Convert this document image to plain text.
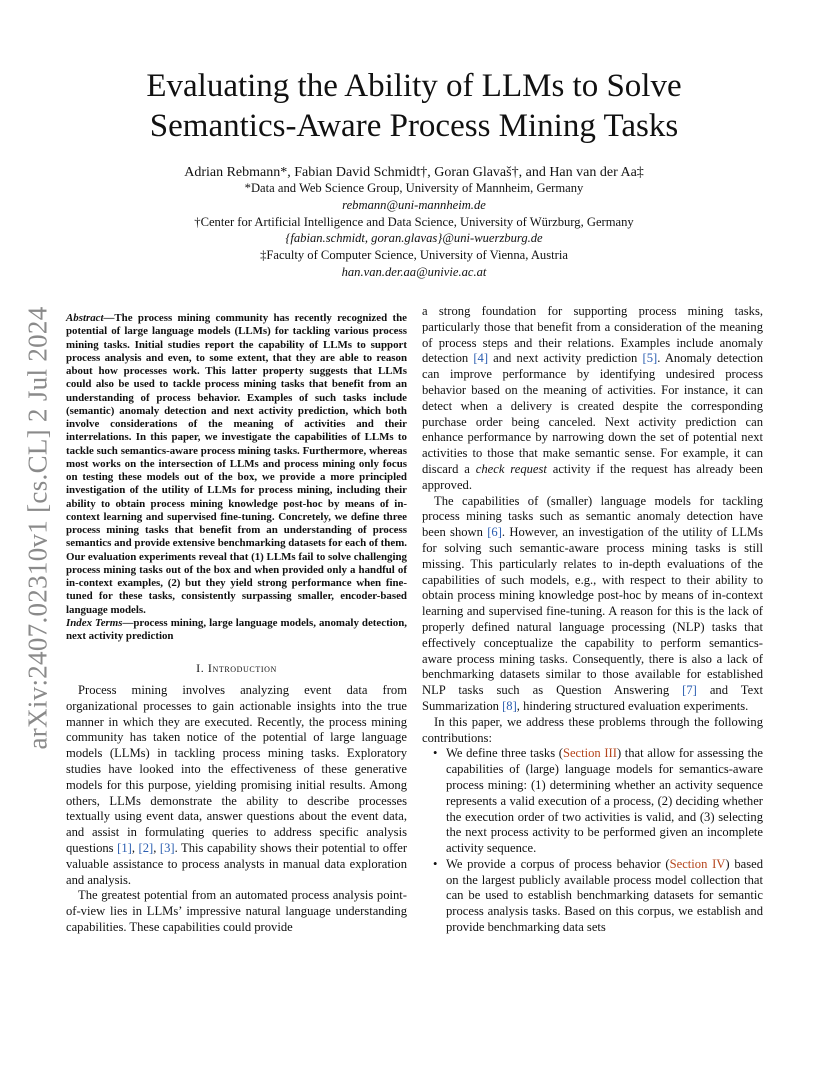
arXiv:2407.02310v1 [cs.CL] 2 Jul 2024
Evaluating the Ability of LLMs to Solve
Semantics-Aware Process Mining Tasks
Adrian Rebmann*, Fabian David Schmidt†, Goran Glavaš†, and Han van der Aa‡
*Data and Web Science Group, University of Mannheim, Germany
rebmann@uni-mannheim.de
†Center for Artificial Intelligence and Data Science, University of Würzburg, Germany
{fabian.schmidt, goran.glavas}@uni-wuerzburg.de
‡Faculty of Computer Science, University of Vienna, Austria
han.van.der.aa@univie.ac.at
Abstract—The process mining community has recently recognized the potential of large language models (LLMs) for tackling various process mining tasks. Initial studies report the capability of LLMs to support process analysis and even, to some extent, that they are able to reason about how processes work. This latter property suggests that LLMs could also be used to tackle process mining tasks that benefit from an understanding of process behavior. Examples of such tasks include (semantic) anomaly detection and next activity prediction, which both involve considerations of the meaning of activities and their interrelations. In this paper, we investigate the capabilities of LLMs to tackle such semantics-aware process mining tasks. Furthermore, whereas most works on the intersection of LLMs and process mining only focus on testing these models out of the box, we provide a more principled investigation of the utility of LLMs for process mining, including their ability to obtain process mining knowledge post-hoc by means of in-context learning and supervised fine-tuning. Concretely, we define three process mining tasks that benefit from an understanding of process semantics and provide extensive benchmarking datasets for each of them. Our evaluation experiments reveal that (1) LLMs fail to solve challenging process mining tasks out of the box and when provided only a handful of in-context examples, (2) but they yield strong performance when fine-tuned for these tasks, consistently surpassing smaller, encoder-based language models.
Index Terms—process mining, large language models, anomaly detection, next activity prediction
I. Introduction

Process mining involves analyzing event data from organizational processes to gain actionable insights into the true manner in which they are executed. Recently, the process mining community has taken notice of the potential of large language models (LLMs) in tackling process mining tasks. Exploratory studies have looked into the effectiveness of these generative models for this purpose, yielding promising initial results. Among others, LLMs demonstrate the ability to describe processes textually using event data, answer questions about the event data, and assist in formulating queries to address specific analysis questions [1], [2], [3]. This capability shows their potential to offer valuable assistance to process analysts in manual data exploration and analysis.

The greatest potential from an automated process analysis point-of-view lies in LLMs’ impressive natural language understanding capabilities. These capabilities could provide

a strong foundation for supporting process mining tasks, particularly those that benefit from a consideration of the meaning of process steps and their relations. Examples include anomaly detection [4] and next activity prediction [5]. Anomaly detection can improve performance by identifying undesired process behavior based on the meaning of activities. For instance, it can detect when a delivery is created despite the corresponding purchase order being canceled. Next activity prediction can enhance performance by narrowing down the set of potential next activities to those that make semantic sense. For example, it can discard a check request activity if the request has already been approved.

The capabilities of (smaller) language models for tackling process mining tasks such as semantic anomaly detection have been shown [6]. However, an investigation of the utility of LLMs for solving such semantic-aware process mining tasks is still missing. This particularly relates to in-depth evaluations of the capabilities of such models, e.g., with respect to their ability to obtain process mining knowledge post-hoc by means of in-context learning and supervised fine-tuning. A reason for this is the lack of properly defined natural language processing (NLP) tasks that effectively conceptualize the capability to perform semantics-aware process mining tasks. Consequently, there is also a lack of benchmarking datasets similar to those available for established NLP tasks such as Question Answering [7] and Text Summarization [8], hindering structured evaluation experiments.

In this paper, we address these problems through the following contributions:

• We define three tasks (Section III) that allow for assessing the capabilities of (large) language models for semantics-aware process mining: (1) determining whether an activity sequence represents a valid execution of a process, (2) deciding whether the execution order of two activities is valid, and (3) selecting the next process activity to be performed given an incomplete activity sequence.
• We provide a corpus of process behavior (Section IV) based on the largest publicly available process model collection that can be used to establish benchmarking datasets for semantic process analysis tasks. Based on this corpus, we establish and provide benchmarking data sets
